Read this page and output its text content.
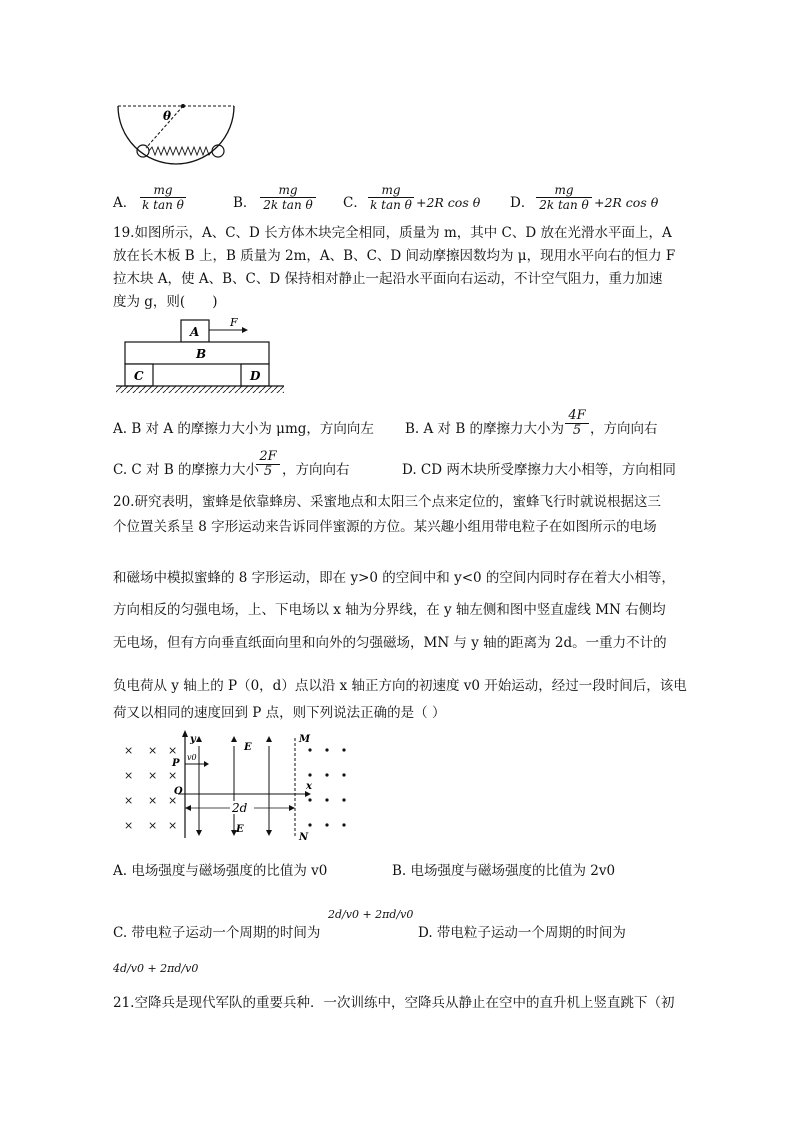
θ
A．
mg
k tan θ	B．
mg
2k tan θ C．
mg
k tan θ +2R cos θ D．
mg
2k tan θ +2R cos θ
19.如图所示，A、C、D 长方体木块完全相同，质量为 m，其中 C、D 放在光滑水平面上，A
放在长木板 B 上，B 质量为 2m，A、B、C、D 间动摩擦因数均为 μ，现用水平向右的恒力 F
拉木块 A，使 A、B、C、D 保持相对静止一起沿水平面向右运动，不计空气阻力，重力加速
度为 g，则(　　)
A
F
B
C	D
A. B 对 A 的摩擦力大小为 μmg，方向向左 B. A 对 B 的摩擦力大小为
4F
5 ，方向向右
C. C 对 B 的摩擦力大小
2F
5 ，方向向右	D. CD 两木块所受摩擦力大小相等，方向相同
20.研究表明，蜜蜂是依靠蜂房、采蜜地点和太阳三个点来定位的，蜜蜂飞行时就说根据这三
个位置关系呈 8 字形运动来告诉同伴蜜源的方位。某兴趣小组用带电粒子在如图所示的电场
和磁场中模拟蜜蜂的 8 字形运动，即在 y>0 的空间中和 y<0 的空间内同时存在着大小相等，
方向相反的匀强电场，上、下电场以 x 轴为分界线，在 y 轴左侧和图中竖直虚线 MN 右侧均
无电场，但有方向垂直纸面向里和向外的匀强磁场，MN 与 y 轴的距离为 2d。一重力不计的
负电荷从 y 轴上的 P（0，d）点以沿 x 轴正方向的初速度 v0 开始运动，经过一段时间后，该电
荷又以相同的速度回到 P 点，则下列说法正确的是（ ）
× × ×
× × ×
× × ×
× × ×
y
x
O
P
v0
E
E
M
N
2d
A. 电场强度与磁场强度的比值为 v0	B. 电场强度与磁场强度的比值为 2v0
C. 带电粒子运动一个周期的时间为
2d/v0 + 2πd/v0
D. 带电粒子运动一个周期的时间为
4d/v0 + 2πd/v0
21.空降兵是现代军队的重要兵种．一次训练中，空降兵从静止在空中的直升机上竖直跳下（初
